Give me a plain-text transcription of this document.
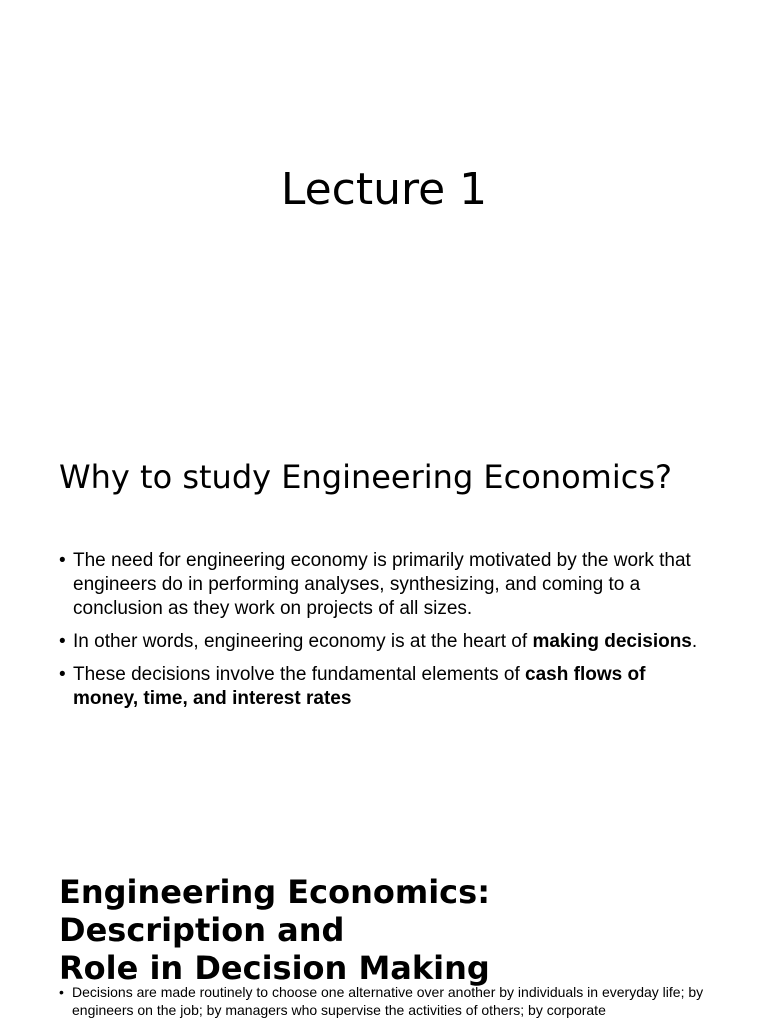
Lecture 1
Why to study Engineering Economics?
• The need for engineering economy is primarily motivated by the work that engineers do in performing analyses, synthesizing, and coming to a conclusion as they work on projects of all sizes.
• In other words, engineering economy is at the heart of making decisions.
• These decisions involve the fundamental elements of cash flows of money, time, and interest rates
Engineering Economics:
Description and
Role in Decision Making
• Decisions are made routinely to choose one alternative over another by individuals in everyday life; by engineers on the job; by managers who supervise the activities of others; by corporate
